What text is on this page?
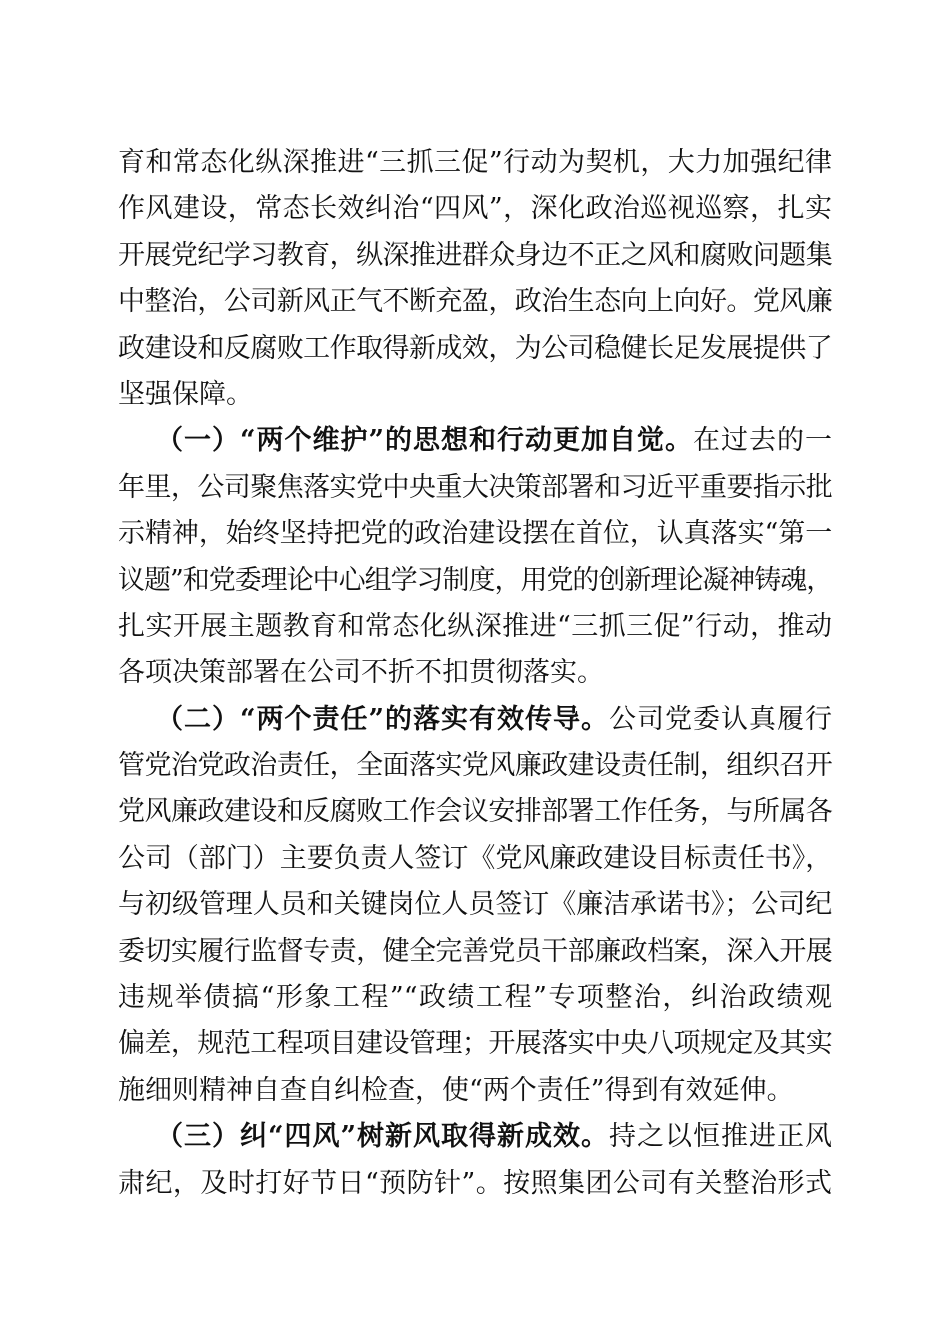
育和常态化纵深推进“三抓三促”行动为契机，大力加强纪律
作风建设，常态长效纠治“四风”，深化政治巡视巡察，扎实
开展党纪学习教育，纵深推进群众身边不正之风和腐败问题集
中整治，公司新风正气不断充盈，政治生态向上向好。党风廉
政建设和反腐败工作取得新成效，为公司稳健长足发展提供了
坚强保障。

（一）“两个维护”的思想和行动更加自觉。在过去的一
年里，公司聚焦落实党中央重大决策部署和习近平重要指示批
示精神，始终坚持把党的政治建设摆在首位，认真落实“第一
议题”和党委理论中心组学习制度，用党的创新理论凝神铸魂，
扎实开展主题教育和常态化纵深推进“三抓三促”行动，推动
各项决策部署在公司不折不扣贯彻落实。

（二）“两个责任”的落实有效传导。公司党委认真履行
管党治党政治责任，全面落实党风廉政建设责任制，组织召开
党风廉政建设和反腐败工作会议安排部署工作任务，与所属各
公司（部门）主要负责人签订《党风廉政建设目标责任书》，
与初级管理人员和关键岗位人员签订《廉洁承诺书》；公司纪
委切实履行监督专责，健全完善党员干部廉政档案，深入开展
违规举债搞“形象工程”“政绩工程”专项整治，纠治政绩观
偏差，规范工程项目建设管理；开展落实中央八项规定及其实
施细则精神自查自纠检查，使“两个责任”得到有效延伸。

（三）纠“四风”树新风取得新成效。持之以恒推进正风
肃纪，及时打好节日“预防针”。按照集团公司有关整治形式
